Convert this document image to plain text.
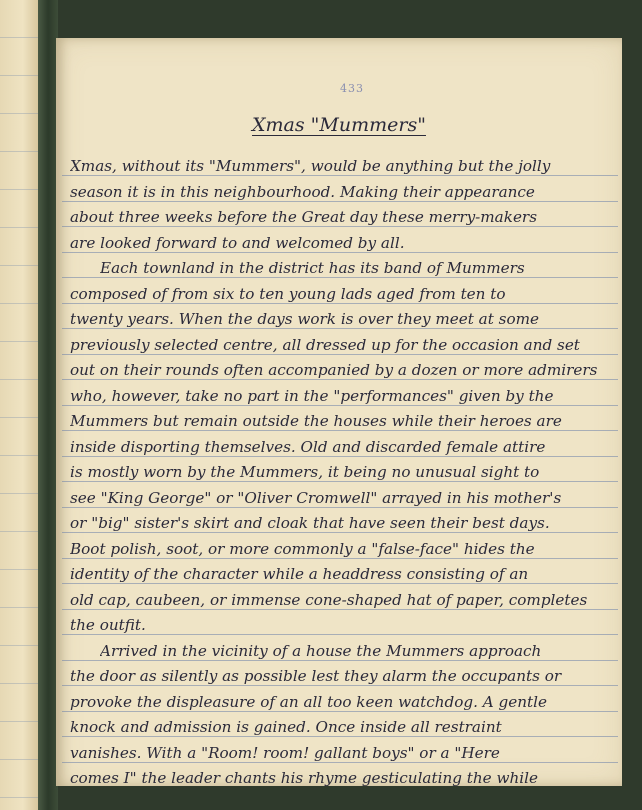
433
Xmas "Mummers"
Xmas, without its "Mummers", would be anything but the jolly
season it is in this neighbourhood. Making their appearance
about three weeks before the Great day these merry-makers
are looked forward to and welcomed by all.
Each townland in the district has its band of Mummers
composed of from six to ten young lads aged from ten to
twenty years. When the days work is over they meet at some
previously selected centre, all dressed up for the occasion and set
out on their rounds often accompanied by a dozen or more admirers
who, however, take no part in the "performances" given by the
Mummers but remain outside the houses while their heroes are
inside disporting themselves. Old and discarded female attire
is mostly worn by the Mummers, it being no unusual sight to
see "King George" or "Oliver Cromwell" arrayed in his mother's
or "big" sister's skirt and cloak that have seen their best days.
Boot polish, soot, or more commonly a "false-face" hides the
identity of the character while a headdress consisting of an
old cap, caubeen, or immense cone-shaped hat of paper, completes
the outfit.
Arrived in the vicinity of a house the Mummers approach
the door as silently as possible lest they alarm the occupants or
provoke the displeasure of an all too keen watchdog. A gentle
knock and admission is gained. Once inside all restraint
vanishes. With a "Room! room! gallant boys" or a "Here
comes I" the leader chants his rhyme gesticulating the while
